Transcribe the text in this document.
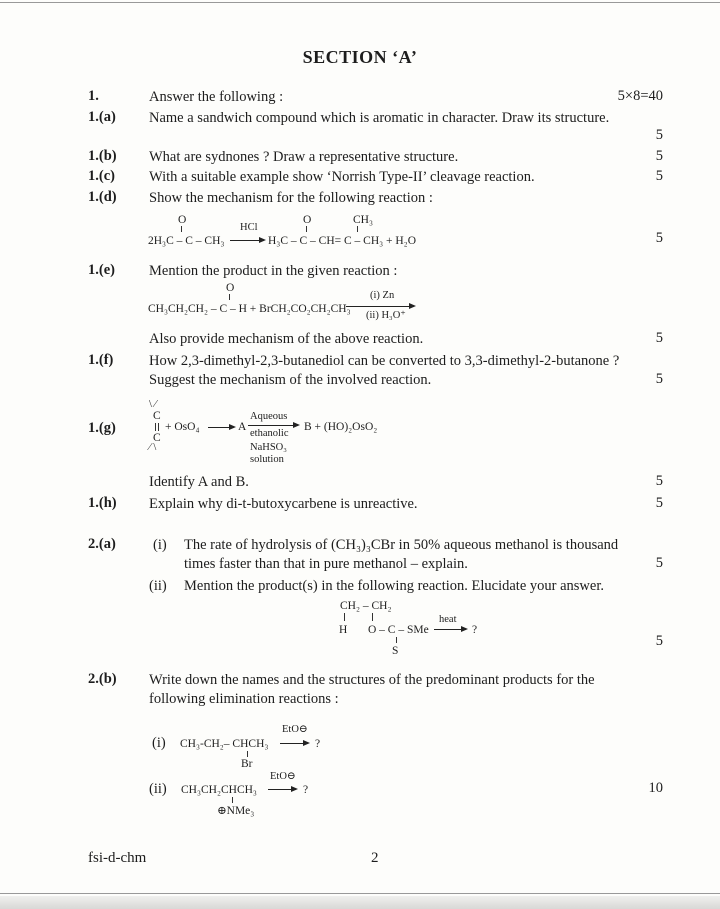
SECTION ‘A’
1.	Answer the following :	5×8=40
1.(a) Name a sandwich compound which is aromatic in character. Draw its structure.
5
1.(b) What are sydnones ? Draw a representative structure.	5
1.(c) With a suitable example show ‘Norrish Type-II’ cleavage reaction.	5
1.(d) Show the mechanism for the following reaction :
5
O
2H₃C – C – CH₃
HCl
O	CH₃
H₃C – C – CH= C – CH₃ + H₂O
1.(e) Mention the product in the given reaction :
O
CH₃CH₂CH₂ – C – H + BrCH₂CO₂CH₂CH₃
(i) Zn
(ii) H₃O⁺
Also provide mechanism of the above reaction.	5
1.(f) How 2,3-dimethyl-2,3-butanediol can be converted to 3,3-dimethyl-2-butanone ?
Suggest the mechanism of the involved reaction.	5
1.(g)
\ ⁄
C
C
⁄ \
+ OsO₄ → A
Aqueous
ethanolic
NaHSO₃
solution
B + (HO)₂OsO₂
Identify A and B.	5
1.(h) Explain why di-t-butoxycarbene is unreactive.	5
2.(a)	(i) The rate of hydrolysis of (CH₃)₃CBr in 50% aqueous methanol is thousand
times faster than that in pure methanol – explain.	5
(ii) Mention the product(s) in the following reaction. Elucidate your answer.
CH₂ – CH₂
H O – C – SMe
S
heat
→ ?
5
2.(b) Write down the names and the structures of the predominant products for the
following elimination reactions :
(i) CH₃-CH₂– CHCH₃
EtO⊖
→ ?
Br
(ii) CH₃CH₂CHCH₃
EtO⊖
→ ?
⊕NMe₃
10
fsi-d-chm	2
